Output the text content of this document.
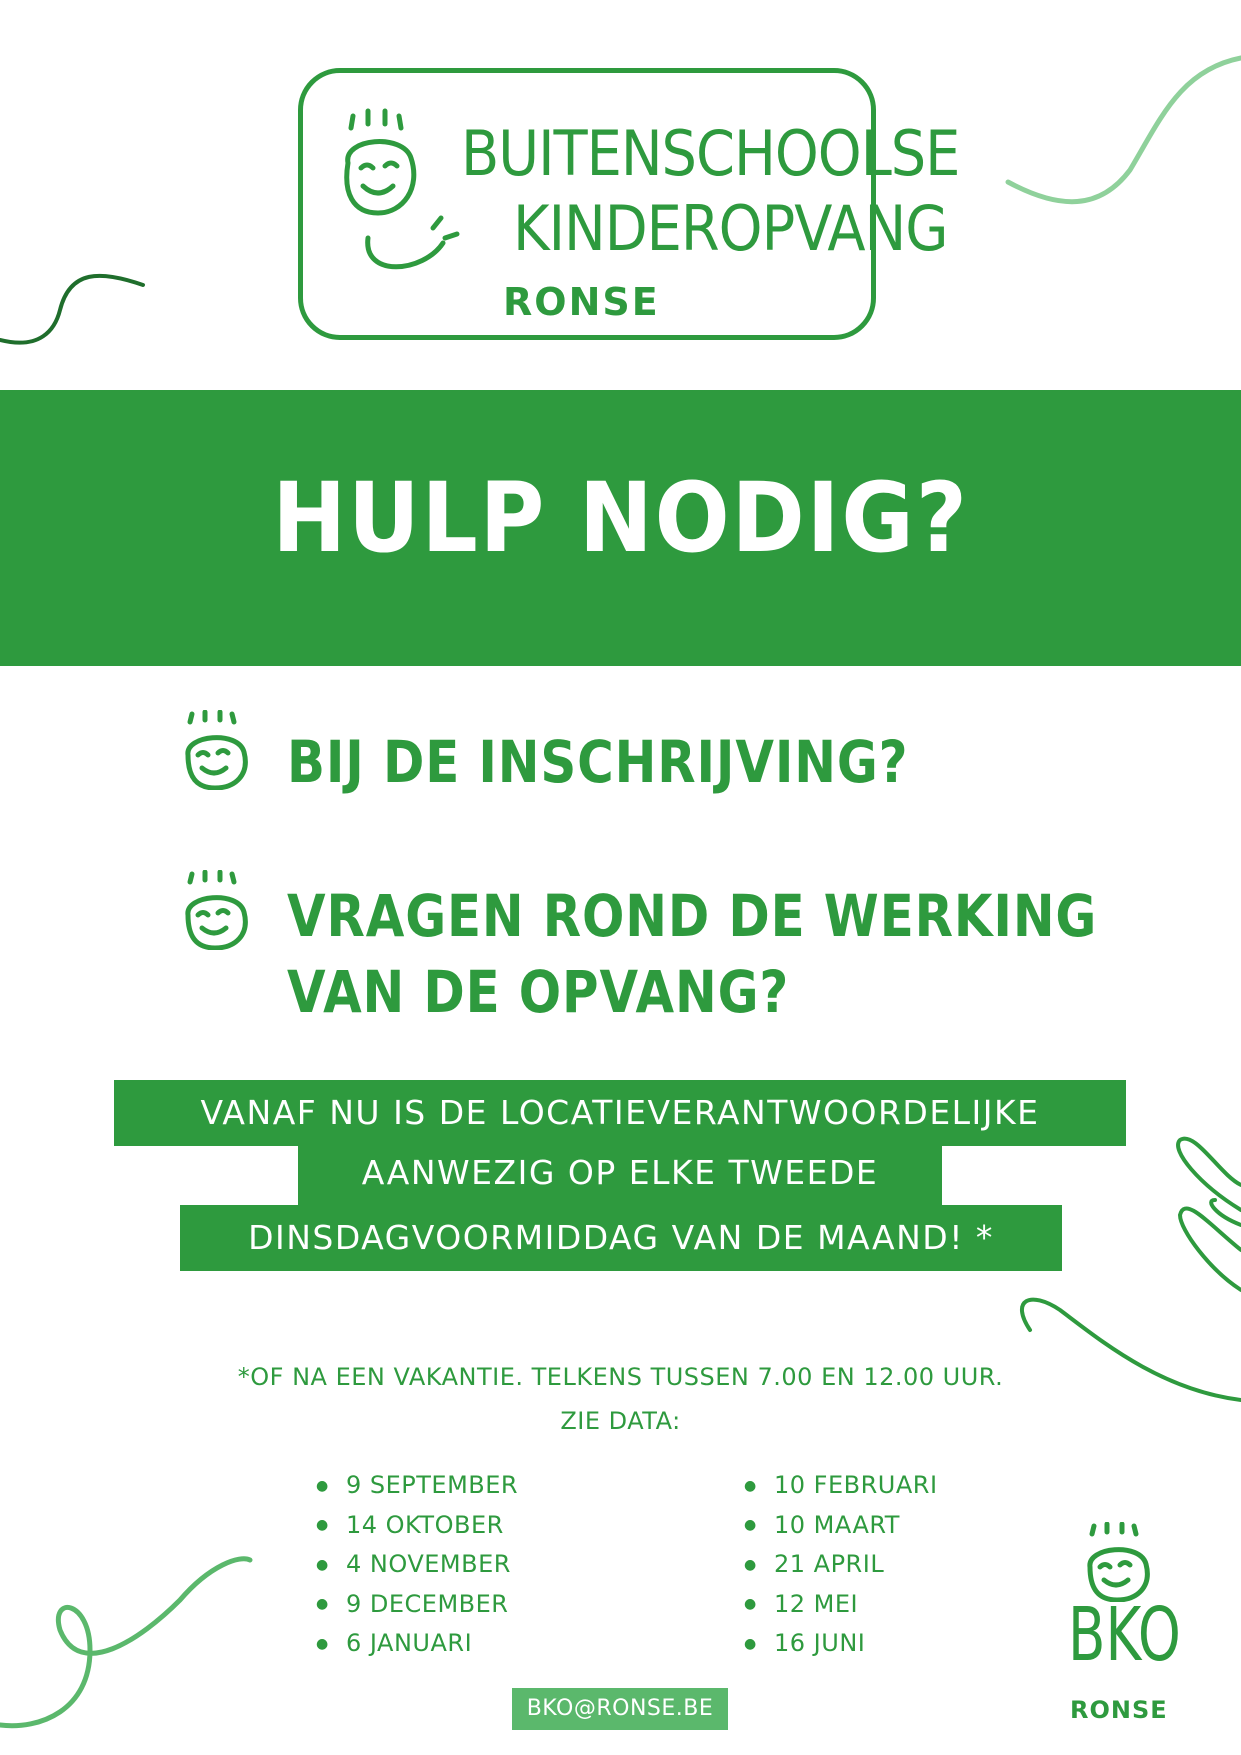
BUITENSCHOOLSE
KINDEROPVANG
RONSE
HULP NODIG?
BIJ DE INSCHRIJVING?
VRAGEN ROND DE WERKING
VAN DE OPVANG?
VANAF NU IS DE LOCATIEVERANTWOORDELIJKE
AANWEZIG OP ELKE TWEEDE
DINSDAGVOORMIDDAG VAN DE MAAND! *
*OF NA EEN VAKANTIE. TELKENS TUSSEN 7.00 EN 12.00 UUR.
ZIE DATA:
● 9 SEPTEMBER
● 14 OKTOBER
● 4 NOVEMBER
● 9 DECEMBER
● 6 JANUARI
● 10 FEBRUARI
● 10 MAART
● 21 APRIL
● 12 MEI
● 16 JUNI
BKO@RONSE.BE
BKO
RONSE
